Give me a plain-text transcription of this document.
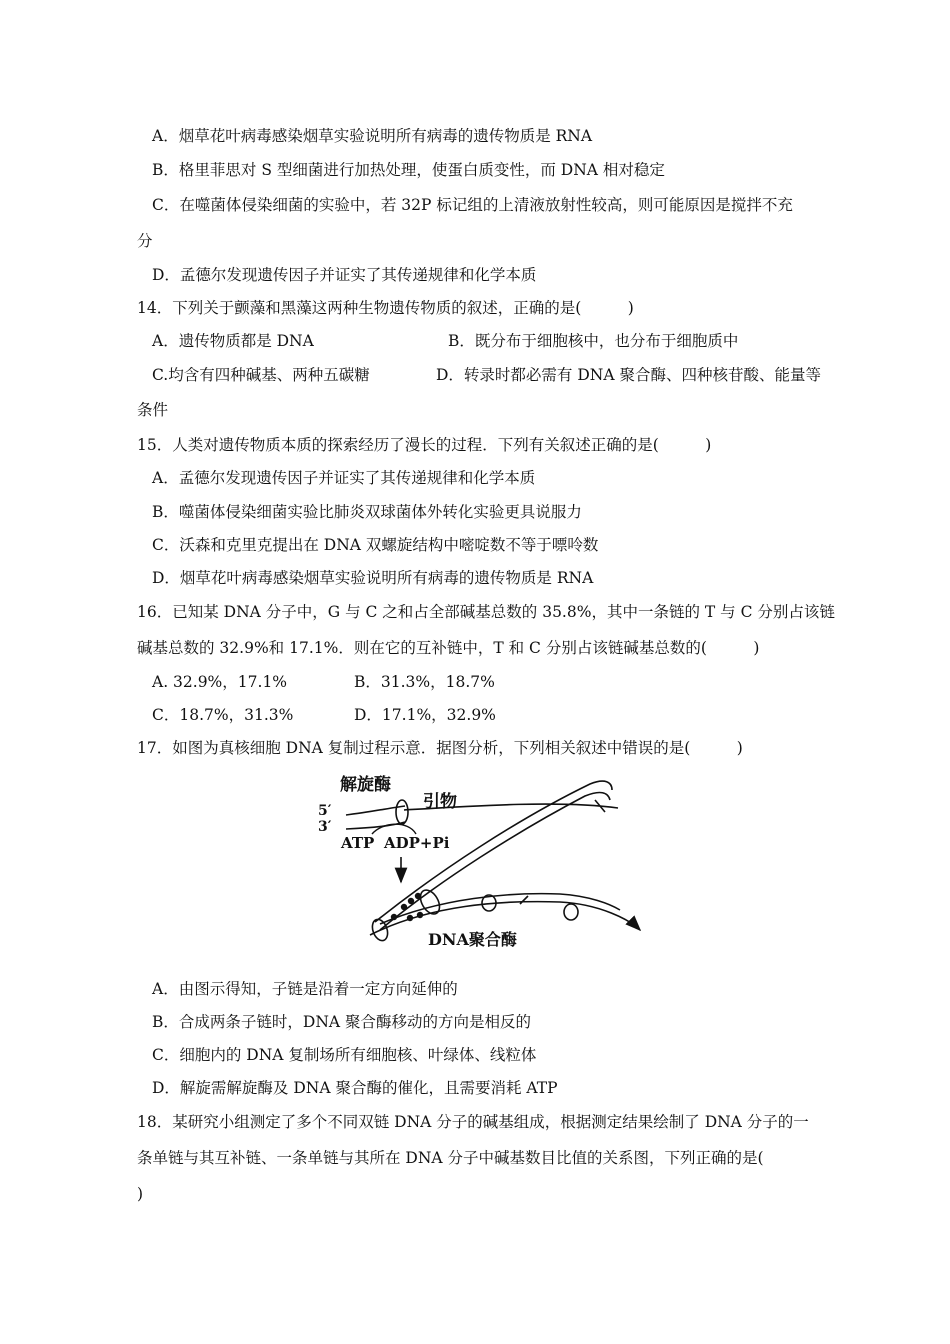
A．烟草花叶病毒感染烟草实验说明所有病毒的遗传物质是 RNA
B．格里菲思对 S 型细菌进行加热处理，使蛋白质变性，而 DNA 相对稳定
C．在噬菌体侵染细菌的实验中，若 32P 标记组的上清液放射性较高，则可能原因是搅拌不充
分
D．孟德尔发现遗传因子并证实了其传递规律和化学本质
14．下列关于颤藻和黑藻这两种生物遗传物质的叙述，正确的是(　　　)
A．遗传物质都是 DNA	B．既分布于细胞核中，也分布于细胞质中
C.均含有四种碱基、两种五碳糖	D．转录时都必需有 DNA 聚合酶、四种核苷酸、能量等
条件
15．人类对遗传物质本质的探索经历了漫长的过程．下列有关叙述正确的是(　　　)
A．孟德尔发现遗传因子并证实了其传递规律和化学本质
B．噬菌体侵染细菌实验比肺炎双球菌体外转化实验更具说服力
C．沃森和克里克提出在 DNA 双螺旋结构中嘧啶数不等于嘌呤数
D．烟草花叶病毒感染烟草实验说明所有病毒的遗传物质是 RNA
16．已知某 DNA 分子中，G 与 C 之和占全部碱基总数的 35.8%，其中一条链的 T 与 C 分别占该链
碱基总数的 32.9%和 17.1%．则在它的互补链中，T 和 C 分别占该链碱基总数的(　　　)
A. 32.9%，17.1%	B．31.3%，18.7%
C．18.7%，31.3%	D．17.1%，32.9%
17．如图为真核细胞 DNA 复制过程示意．据图分析，下列相关叙述中错误的是(　　　)
解旋酶
引物
5′
3′
ATP ADP+Pi
DNA聚合酶
A．由图示得知，子链是沿着一定方向延伸的
B．合成两条子链时，DNA 聚合酶移动的方向是相反的
C．细胞内的 DNA 复制场所有细胞核、叶绿体、线粒体
D．解旋需解旋酶及 DNA 聚合酶的催化，且需要消耗 ATP
18．某研究小组测定了多个不同双链 DNA 分子的碱基组成，根据测定结果绘制了 DNA 分子的一
条单链与其互补链、一条单链与其所在 DNA 分子中碱基数目比值的关系图，下列正确的是(
)
